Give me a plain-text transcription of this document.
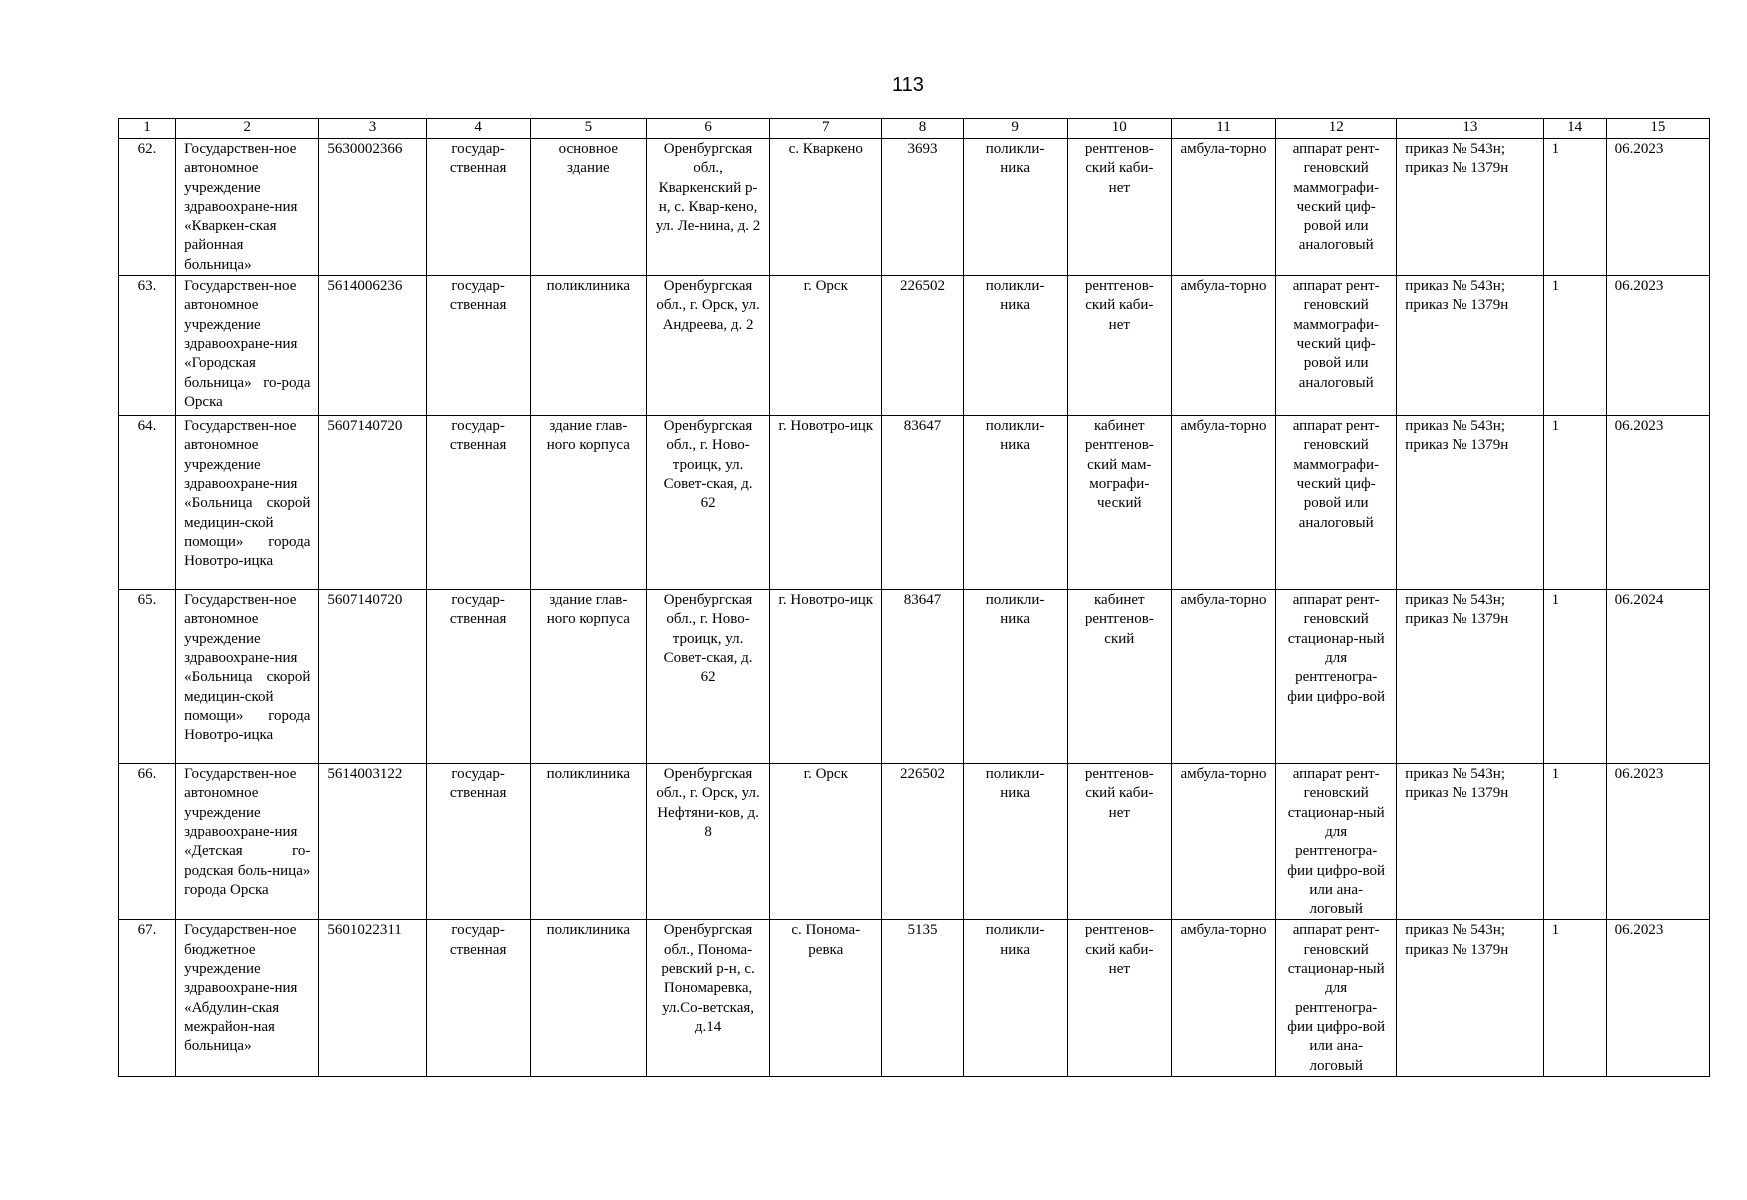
113
1	2	3	4	5	6	7	8	9	10	11	12	13	14	15
62.	Государствен-ное автономное учреждение здравоохране-ния «Кваркен-ская районная больница»	5630002366	государ-ственная	основное здание	Оренбургская обл., Кваркенский р-н, с. Квар-кено, ул. Ле-нина, д. 2	с. Кваркено	3693	поликли-ника	рентгенов-ский каби-нет	амбула-торно	аппарат рент-геновский маммографи-ческий циф-ровой или аналоговый	приказ № 543н; приказ № 1379н	1	06.2023
63.	Государствен-ное автономное учреждение здравоохране-ния «Городская больница» го-рода Орска	5614006236	государ-ственная	поликлиника	Оренбургская обл., г. Орск, ул. Андреева, д. 2	г. Орск	226502	поликли-ника	рентгенов-ский каби-нет	амбула-торно	аппарат рент-геновский маммографи-ческий циф-ровой или аналоговый	приказ № 543н; приказ № 1379н	1	06.2023
64.	Государствен-ное автономное учреждение здравоохране-ния «Больница скорой медицин-ской помощи» города Новотро-ицка	5607140720	государ-ственная	здание глав-ного корпуса	Оренбургская обл., г. Ново-троицк, ул. Совет-ская, д. 62	г. Новотро-ицк	83647	поликли-ника	кабинет рентгенов-ский мам-мографи-ческий	амбула-торно	аппарат рент-геновский маммографи-ческий циф-ровой или аналоговый	приказ № 543н; приказ № 1379н	1	06.2023
65.	Государствен-ное автономное учреждение здравоохране-ния «Больница скорой медицин-ской помощи» города Новотро-ицка	5607140720	государ-ственная	здание глав-ного корпуса	Оренбургская обл., г. Ново-троицк, ул. Совет-ская, д. 62	г. Новотро-ицк	83647	поликли-ника	кабинет рентгенов-ский	амбула-торно	аппарат рент-геновский стационар-ный для рентгеногра-фии цифро-вой	приказ № 543н; приказ № 1379н	1	06.2024
66.	Государствен-ное автономное учреждение здравоохране-ния «Детская го-родская боль-ница» города Орска	5614003122	государ-ственная	поликлиника	Оренбургская обл., г. Орск, ул. Нефтяни-ков, д. 8	г. Орск	226502	поликли-ника	рентгенов-ский каби-нет	амбула-торно	аппарат рент-геновский стационар-ный для рентгеногра-фии цифро-вой или ана-логовый	приказ № 543н; приказ № 1379н	1	06.2023
67.	Государствен-ное бюджетное учреждение здравоохране-ния «Абдулин-ская межрайон-ная больница»	5601022311	государ-ственная	поликлиника	Оренбургская обл., Понома-ревский р-н, с. Пономаревка, ул.Со-ветская, д.14	с. Понома-ревка	5135	поликли-ника	рентгенов-ский каби-нет	амбула-торно	аппарат рент-геновский стационар-ный для рентгеногра-фии цифро-вой или ана-логовый	приказ № 543н; приказ № 1379н	1	06.2023
